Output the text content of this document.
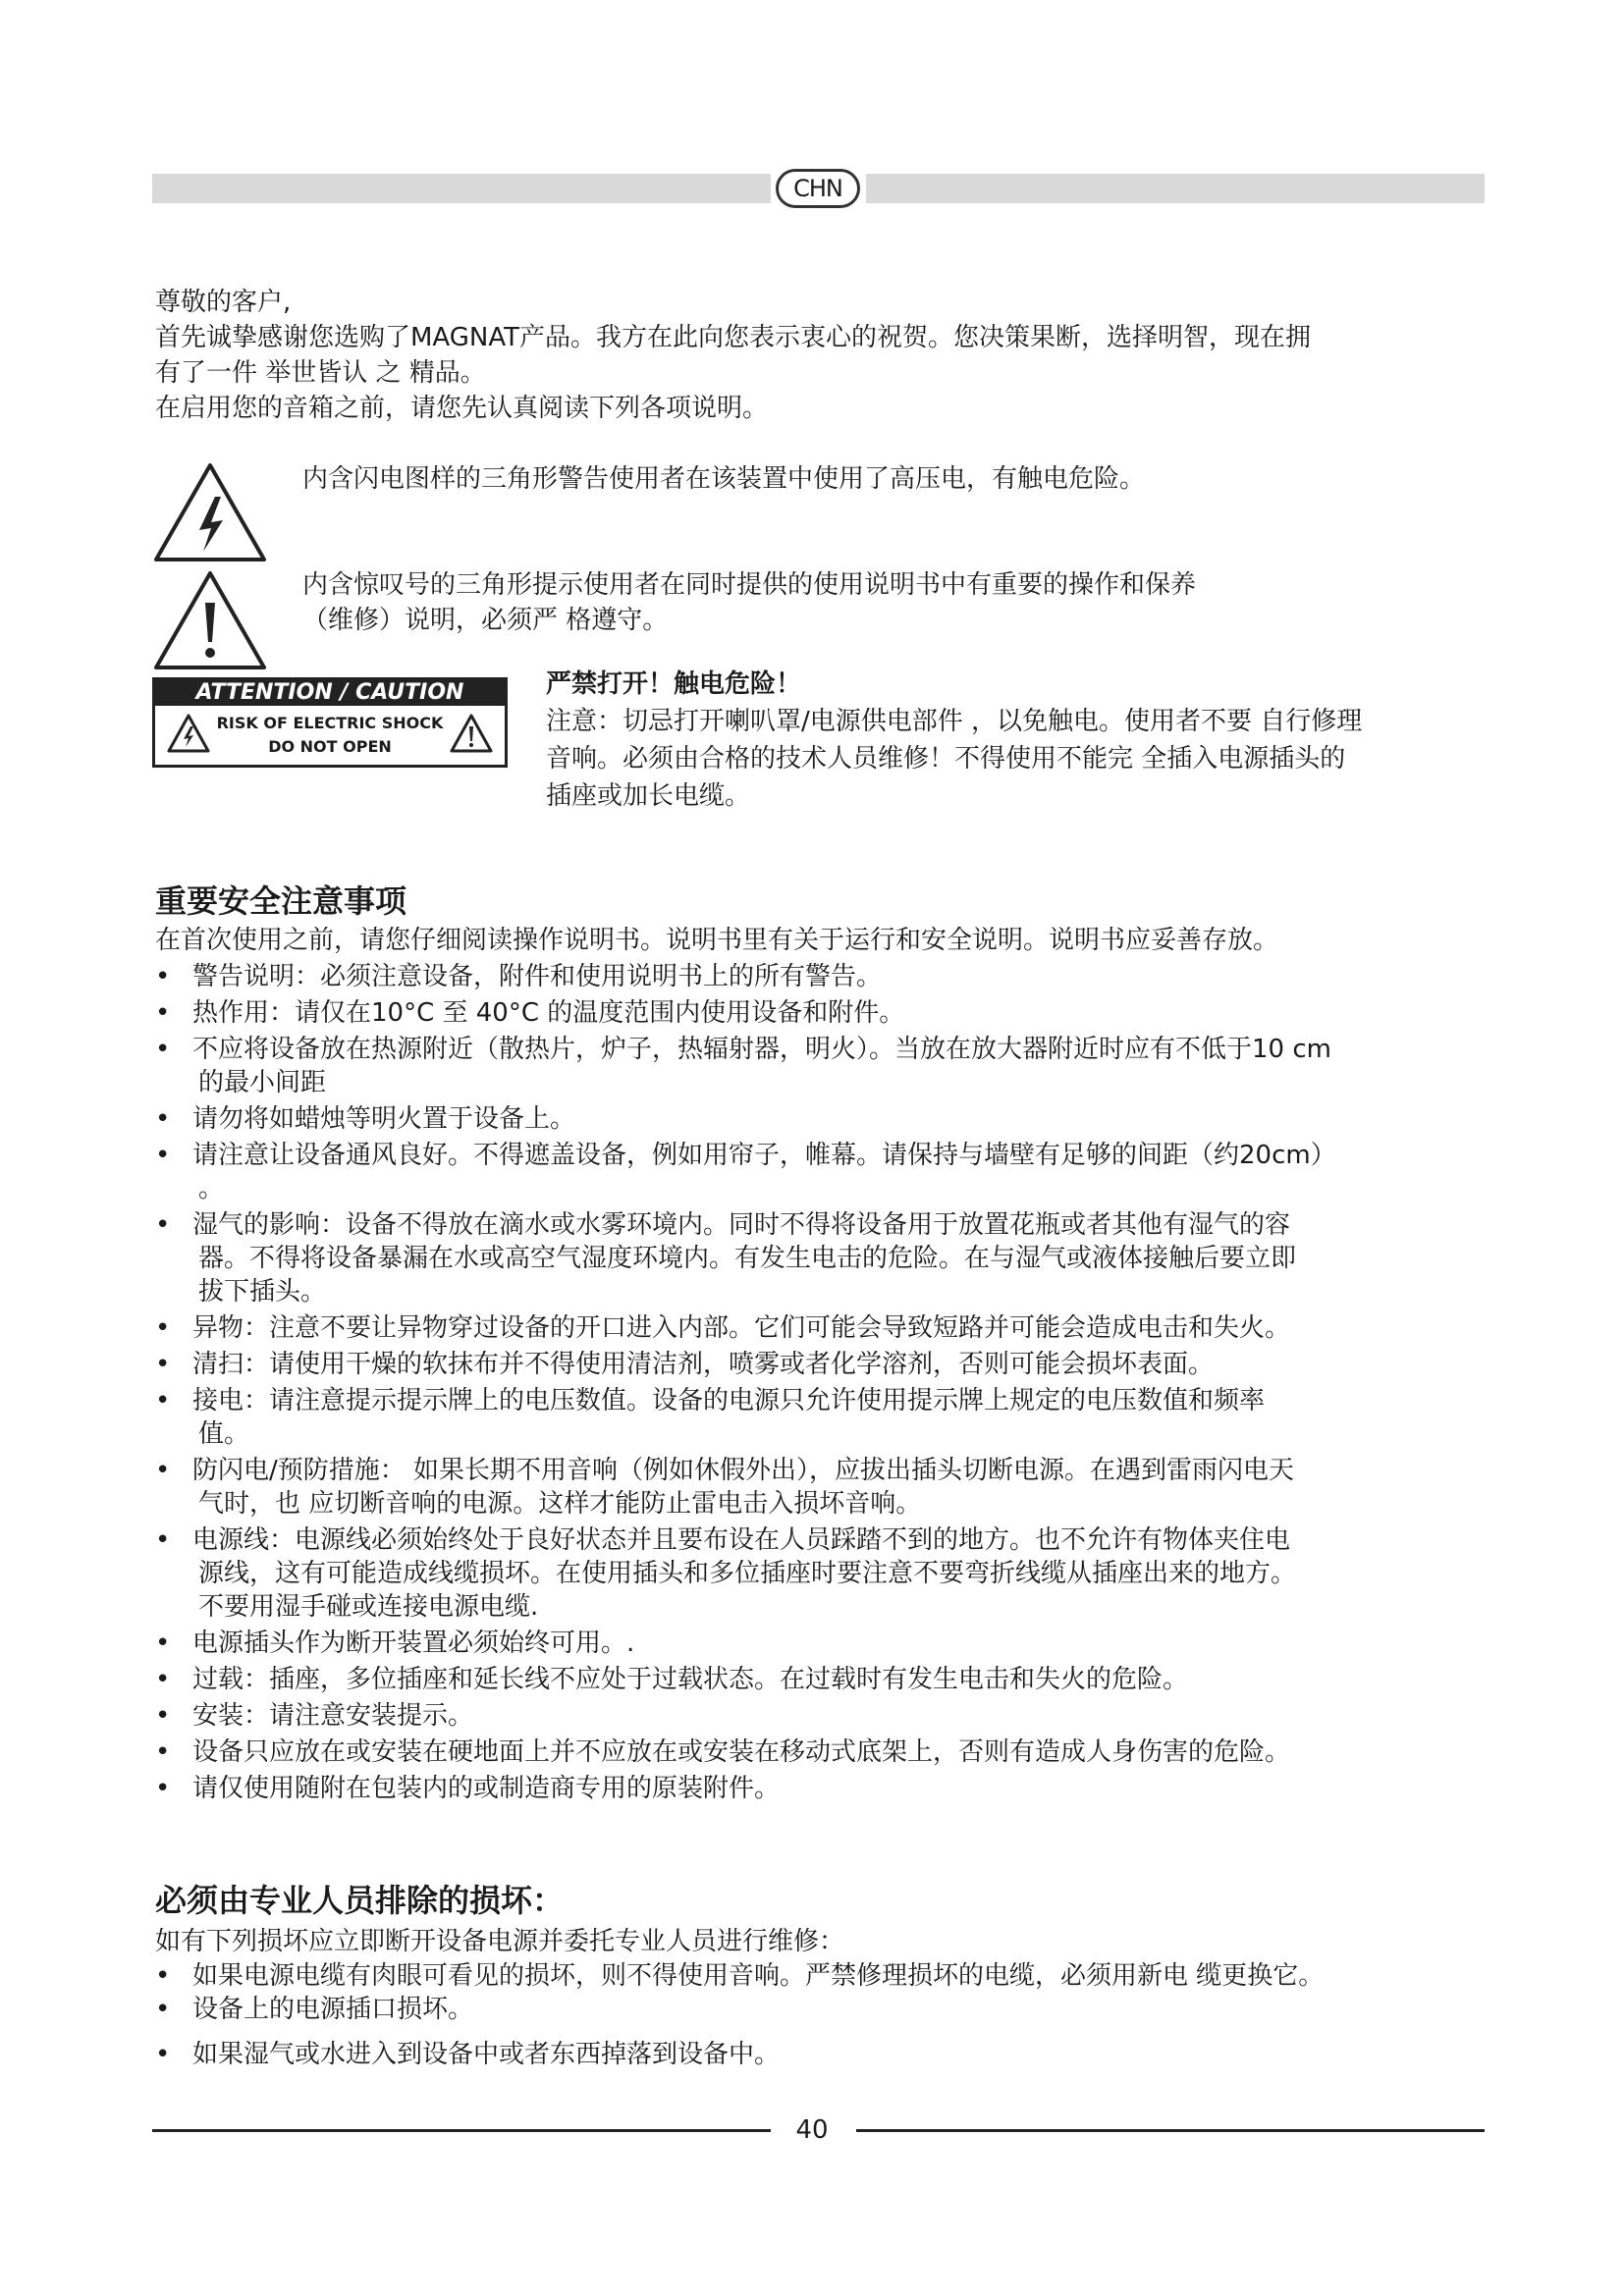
CHN
尊敬的客户,
首先诚挚感谢您选购了MAGNAT产品。我方在此向您表示衷心的祝贺。您决策果断，选择明智，现在拥
有了一件 举世皆认 之 精品。
在启用您的音箱之前，请您先认真阅读下列各项说明。
内含闪电图样的三角形警告使用者在该装置中使用了高压电，有触电危险。
内含惊叹号的三角形提示使用者在同时提供的使用说明书中有重要的操作和保养
（维修）说明，必须严 格遵守。
ATTENTION / CAUTION
RISK OF ELECTRIC SHOCK
DO NOT OPEN
严禁打开！触电危险！
注意：切忌打开喇叭罩/电源供电部件 ，以免触电。使用者不要 自行修理
音响。必须由合格的技术人员维修！不得使用不能完 全插入电源插头的
插座或加长电缆。
重要安全注意事项
在首次使用之前，请您仔细阅读操作说明书。说明书里有关于运行和安全说明。说明书应妥善存放。
• 警告说明：必须注意设备，附件和使用说明书上的所有警告。
• 热作用：请仅在10°C 至 40°C 的温度范围内使用设备和附件。
• 不应将设备放在热源附近（散热片，炉子，热辐射器，明火）。当放在放大器附近时应有不低于10 cm
的最小间距
• 请勿将如蜡烛等明火置于设备上。
• 请注意让设备通风良好。不得遮盖设备，例如用帘子，帷幕。请保持与墙壁有足够的间距（约20cm）
。
• 湿气的影响：设备不得放在滴水或水雾环境内。同时不得将设备用于放置花瓶或者其他有湿气的容
器。不得将设备暴漏在水或高空气湿度环境内。有发生电击的危险。在与湿气或液体接触后要立即
拔下插头。
• 异物：注意不要让异物穿过设备的开口进入内部。它们可能会导致短路并可能会造成电击和失火。
• 清扫：请使用干燥的软抹布并不得使用清洁剂，喷雾或者化学溶剂，否则可能会损坏表面。
• 接电：请注意提示提示牌上的电压数值。设备的电源只允许使用提示牌上规定的电压数值和频率
值。
• 防闪电/预防措施： 如果长期不用音响（例如休假外出），应拔出插头切断电源。在遇到雷雨闪电天
气时，也 应切断音响的电源。这样才能防止雷电击入损坏音响。
• 电源线：电源线必须始终处于良好状态并且要布设在人员踩踏不到的地方。也不允许有物体夹住电
源线，这有可能造成线缆损坏。在使用插头和多位插座时要注意不要弯折线缆从插座出来的地方。
不要用湿手碰或连接电源电缆.
• 电源插头作为断开装置必须始终可用。.
• 过载：插座，多位插座和延长线不应处于过载状态。在过载时有发生电击和失火的危险。
• 安装：请注意安装提示。
• 设备只应放在或安装在硬地面上并不应放在或安装在移动式底架上，否则有造成人身伤害的危险。
• 请仅使用随附在包装内的或制造商专用的原装附件。
必须由专业人员排除的损坏：
如有下列损坏应立即断开设备电源并委托专业人员进行维修：
• 如果电源电缆有肉眼可看见的损坏，则不得使用音响。严禁修理损坏的电缆，必须用新电 缆更换它。
• 设备上的电源插口损坏。
• 如果湿气或水进入到设备中或者东西掉落到设备中。
40
